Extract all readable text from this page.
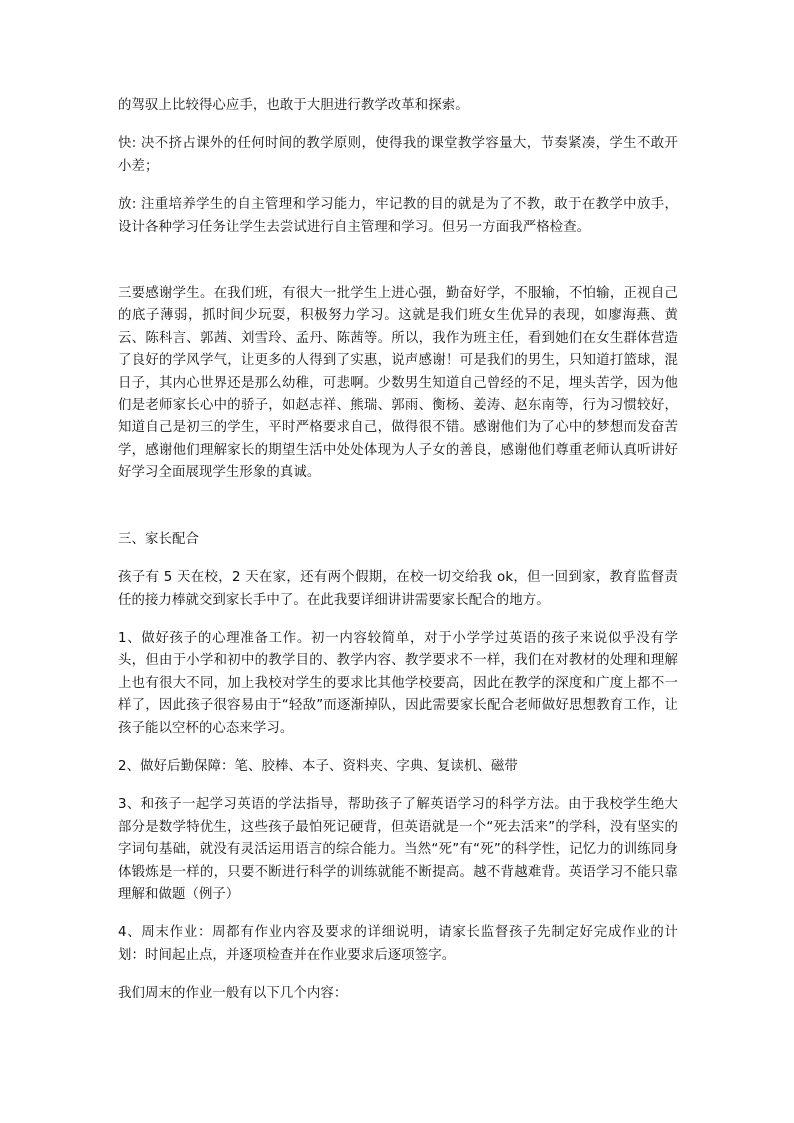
的驾驭上比较得心应手，也敢于大胆进行教学改革和探索。

快: 决不挤占课外的任何时间的教学原则，使得我的课堂教学容量大，节奏紧凑，学生不敢开小差；

放: 注重培养学生的自主管理和学习能力，牢记教的目的就是为了不教，敢于在教学中放手，设计各种学习任务让学生去尝试进行自主管理和学习。但另一方面我严格检查。

三要感谢学生。在我们班，有很大一批学生上进心强，勤奋好学，不服输，不怕输，正视自己的底子薄弱，抓时间少玩耍，积极努力学习。这就是我们班女生优异的表现，如廖海燕、黄云、陈科言、郭茜、刘雪玲、孟丹、陈茜等。所以，我作为班主任，看到她们在女生群体营造了良好的学风学气，让更多的人得到了实惠，说声感谢！可是我们的男生，只知道打篮球，混日子，其内心世界还是那么幼稚，可悲啊。少数男生知道自己曾经的不足，埋头苦学，因为他们是老师家长心中的骄子，如赵志祥、熊瑞、郭雨、衡杨、姜涛、赵东南等，行为习惯较好，知道自己是初三的学生，平时严格要求自己，做得很不错。感谢他们为了心中的梦想而发奋苦学，感谢他们理解家长的期望生活中处处体现为人子女的善良，感谢他们尊重老师认真听讲好好学习全面展现学生形象的真诚。

三、家长配合

孩子有 5 天在校，2 天在家，还有两个假期，在校一切交给我 ok，但一回到家，教育监督责任的接力棒就交到家长手中了。在此我要详细讲讲需要家长配合的地方。

1、做好孩子的心理准备工作。初一内容较简单，对于小学学过英语的孩子来说似乎没有学头，但由于小学和初中的教学目的、教学内容、教学要求不一样，我们在对教材的处理和理解上也有很大不同，加上我校对学生的要求比其他学校要高，因此在教学的深度和广度上都不一样了，因此孩子很容易由于“轻敌”而逐渐掉队，因此需要家长配合老师做好思想教育工作，让孩子能以空杯的心态来学习。

2、做好后勤保障：笔、胶棒、本子、资料夹、字典、复读机、磁带

3、和孩子一起学习英语的学法指导，帮助孩子了解英语学习的科学方法。由于我校学生绝大部分是数学特优生，这些孩子最怕死记硬背，但英语就是一个“死去活来”的学科，没有坚实的字词句基础，就没有灵活运用语言的综合能力。当然“死”有“死”的科学性，记忆力的训练同身体锻炼是一样的，只要不断进行科学的训练就能不断提高。越不背越难背。英语学习不能只靠理解和做题（例子）

4、周末作业：周都有作业内容及要求的详细说明，请家长监督孩子先制定好完成作业的计划：时间起止点，并逐项检查并在作业要求后逐项签字。

我们周末的作业一般有以下几个内容：
